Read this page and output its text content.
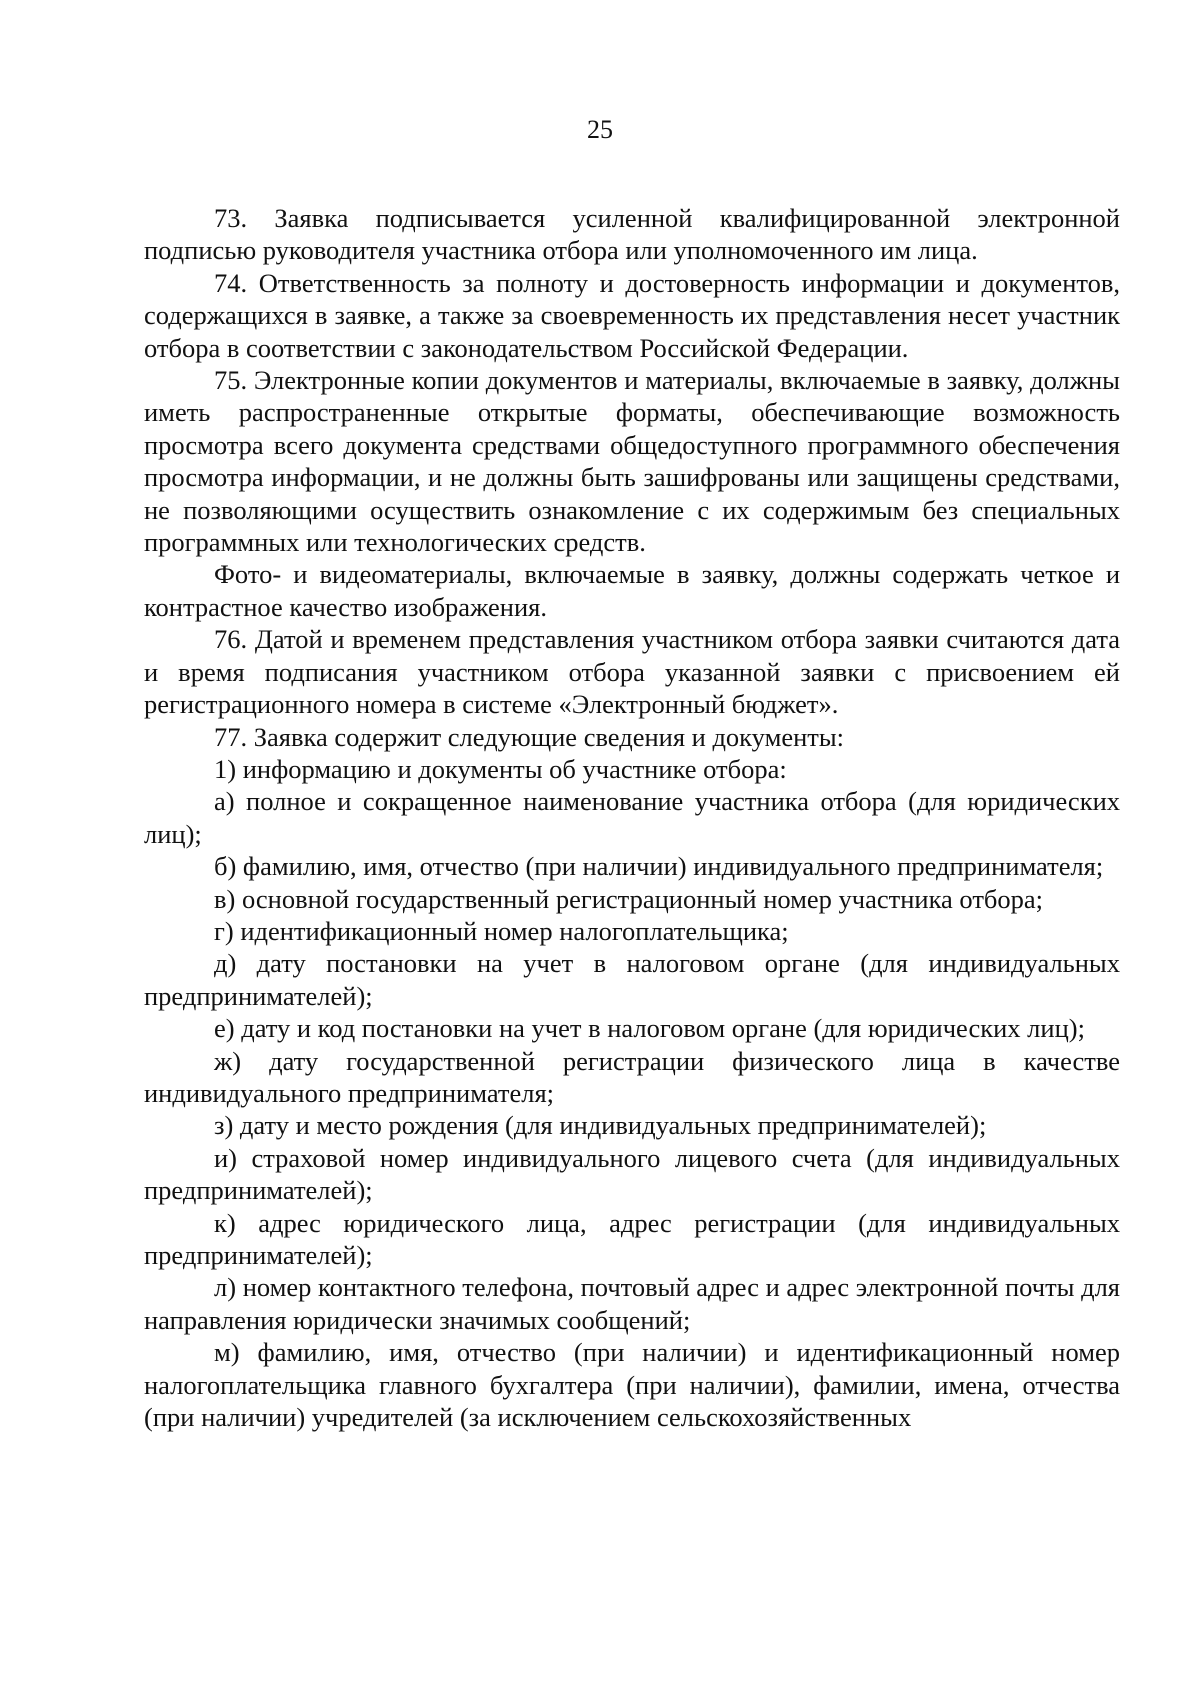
25

73. Заявка подписывается усиленной квалифицированной электронной подписью руководителя участника отбора или уполномоченного им лица.

74. Ответственность за полноту и достоверность информации и документов, содержащихся в заявке, а также за своевременность их представления несет участник отбора в соответствии с законодательством Российской Федерации.

75. Электронные копии документов и материалы, включаемые в заявку, должны иметь распространенные открытые форматы, обеспечивающие возможность просмотра всего документа средствами общедоступного программного обеспечения просмотра информации, и не должны быть зашифрованы или защищены средствами, не позволяющими осуществить ознакомление с их содержимым без специальных программных или технологических средств.

Фото- и видеоматериалы, включаемые в заявку, должны содержать четкое и контрастное качество изображения.

76. Датой и временем представления участником отбора заявки считаются дата и время подписания участником отбора указанной заявки с присвоением ей регистрационного номера в системе «Электронный бюджет».

77. Заявка содержит следующие сведения и документы:

1) информацию и документы об участнике отбора:

а) полное и сокращенное наименование участника отбора (для юридических лиц);

б) фамилию, имя, отчество (при наличии) индивидуального предпринимателя;

в) основной государственный регистрационный номер участника отбора;

г) идентификационный номер налогоплательщика;

д) дату постановки на учет в налоговом органе (для индивидуальных предпринимателей);

е) дату и код постановки на учет в налоговом органе (для юридических лиц);

ж) дату государственной регистрации физического лица в качестве индивидуального предпринимателя;

з) дату и место рождения (для индивидуальных предпринимателей);

и) страховой номер индивидуального лицевого счета (для индивидуальных предпринимателей);

к) адрес юридического лица, адрес регистрации (для индивидуальных предпринимателей);

л) номер контактного телефона, почтовый адрес и адрес электронной почты для направления юридически значимых сообщений;

м) фамилию, имя, отчество (при наличии) и идентификационный номер налогоплательщика главного бухгалтера (при наличии), фамилии, имена, отчества (при наличии) учредителей (за исключением сельскохозяйственных
